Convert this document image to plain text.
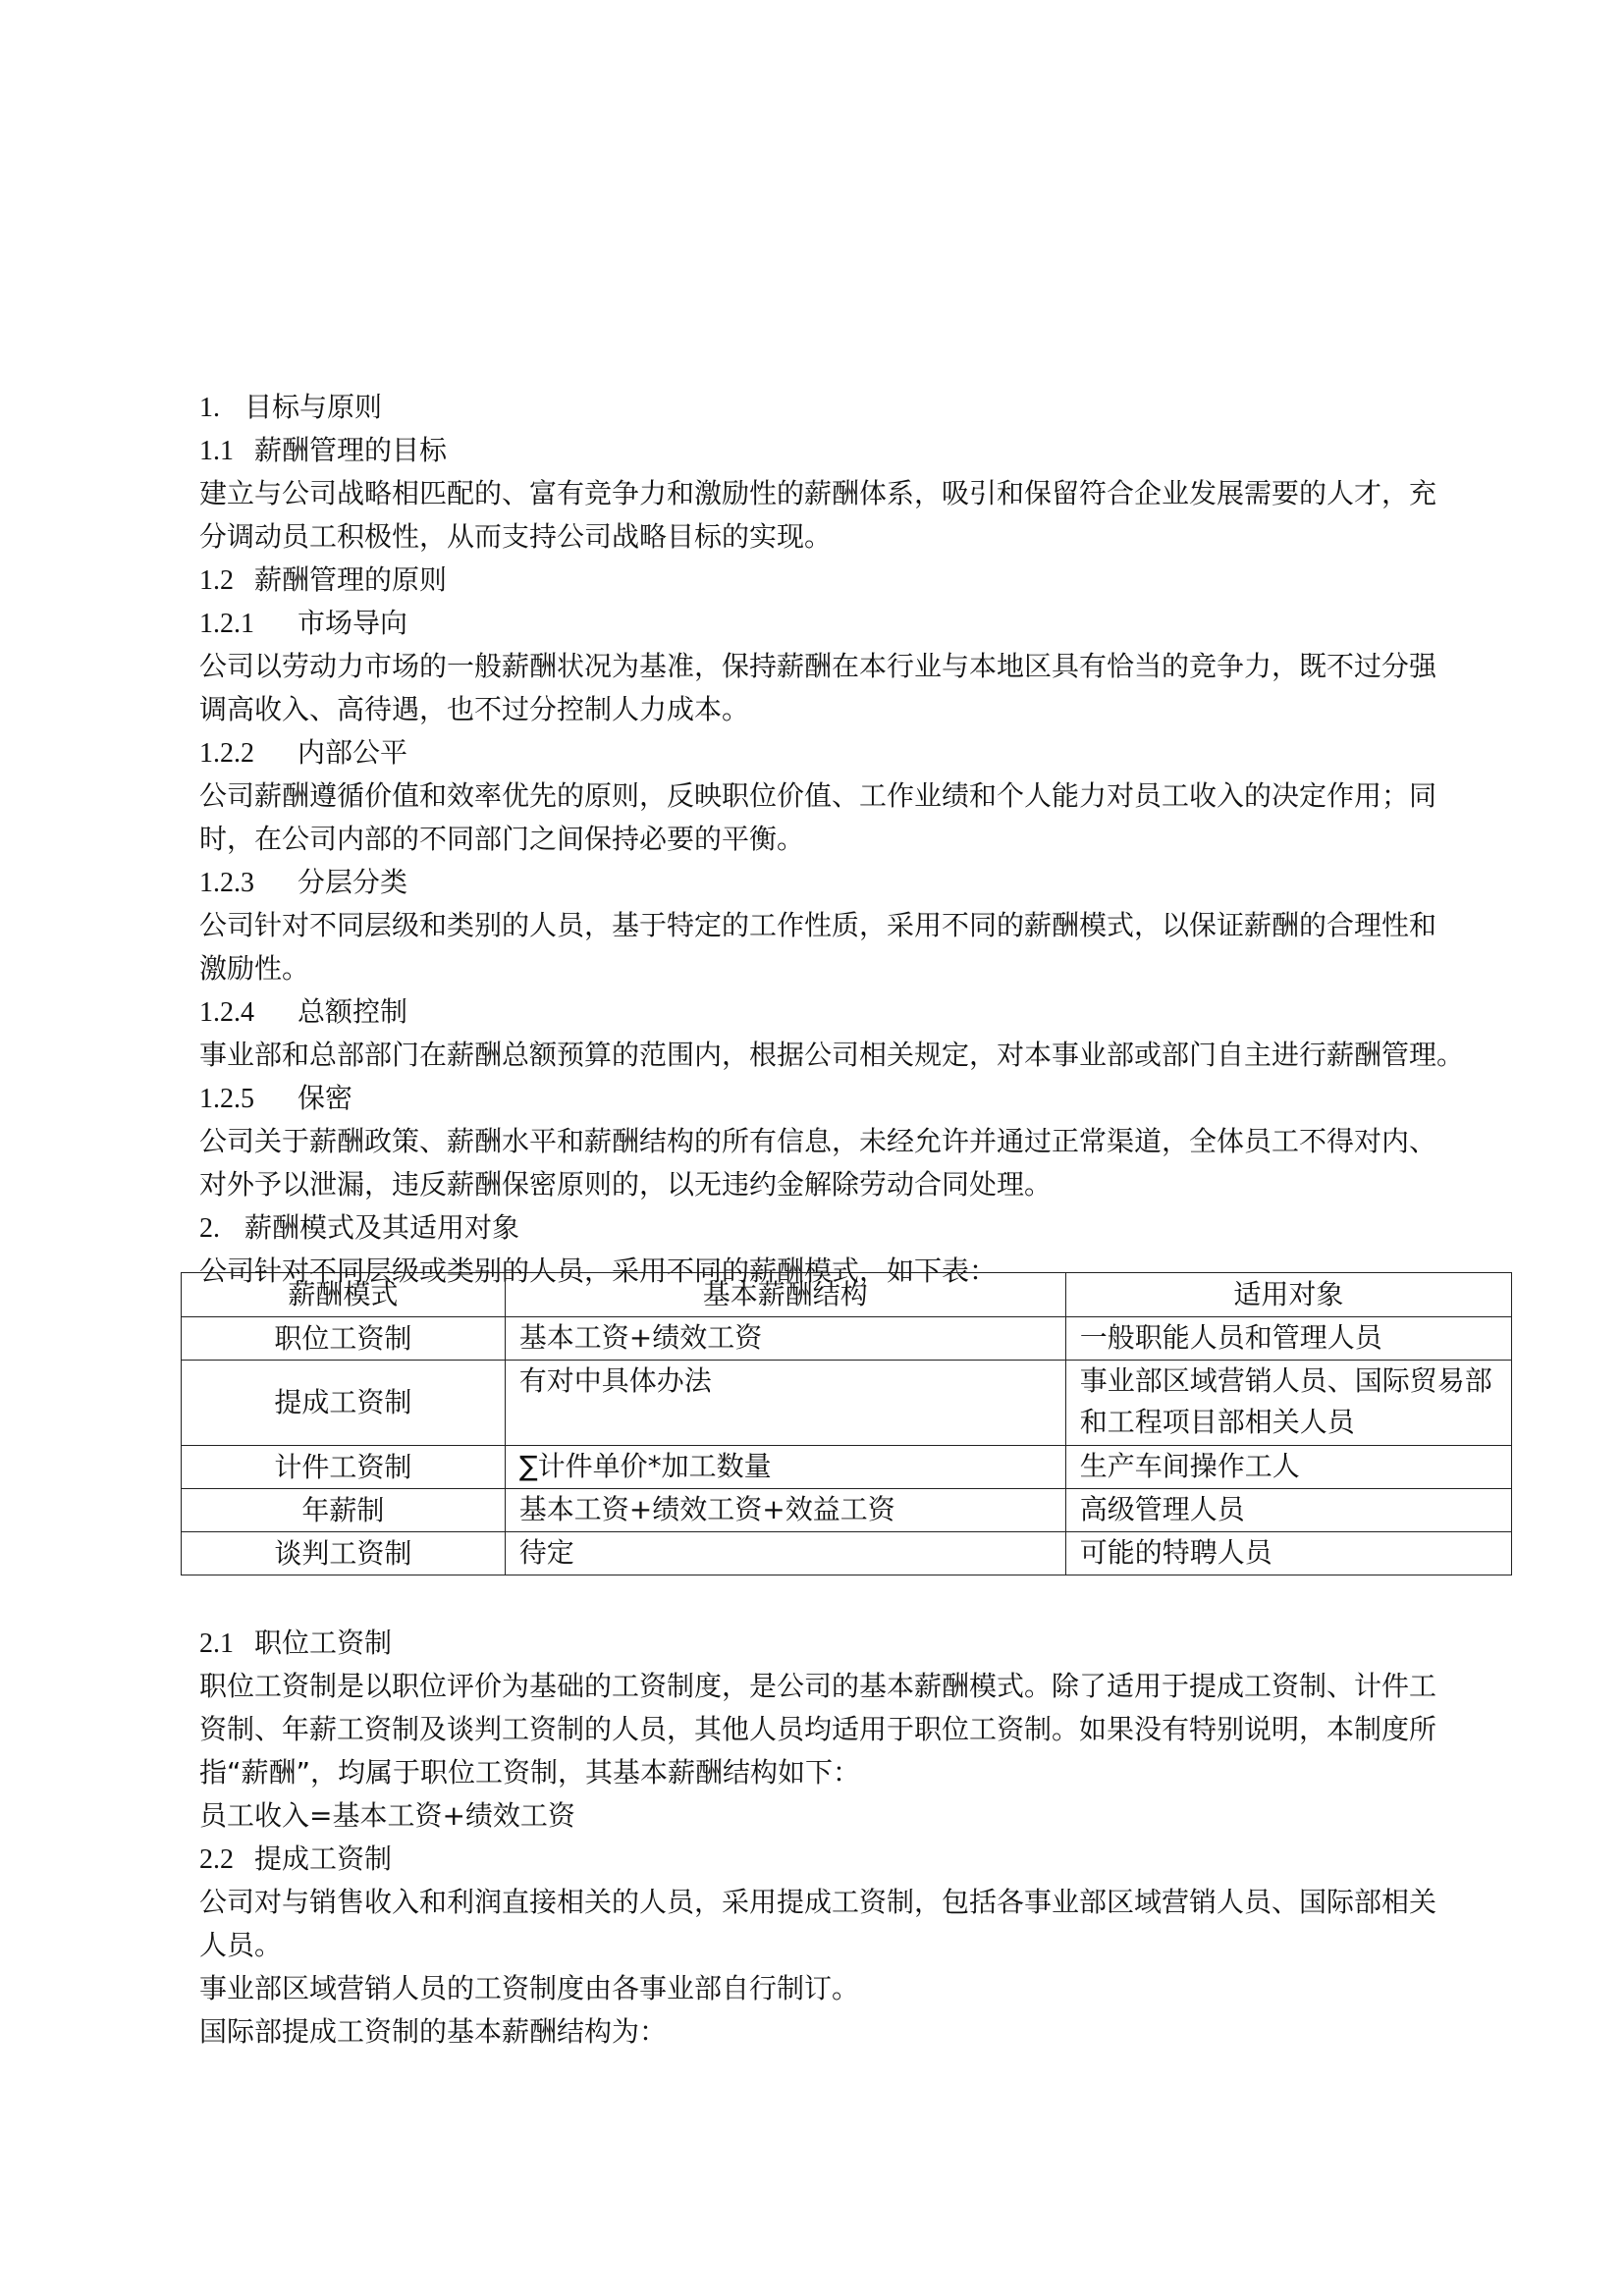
1. 目标与原则
1.1 薪酬管理的目标
建立与公司战略相匹配的、富有竞争力和激励性的薪酬体系，吸引和保留符合企业发展需要的人才，充
分调动员工积极性，从而支持公司战略目标的实现。
1.2 薪酬管理的原则
1.2.1 市场导向
公司以劳动力市场的一般薪酬状况为基准，保持薪酬在本行业与本地区具有恰当的竞争力，既不过分强
调高收入、高待遇，也不过分控制人力成本。
1.2.2 内部公平
公司薪酬遵循价值和效率优先的原则，反映职位价值、工作业绩和个人能力对员工收入的决定作用；同
时，在公司内部的不同部门之间保持必要的平衡。
1.2.3 分层分类
公司针对不同层级和类别的人员，基于特定的工作性质，采用不同的薪酬模式，以保证薪酬的合理性和
激励性。
1.2.4 总额控制
事业部和总部部门在薪酬总额预算的范围内，根据公司相关规定，对本事业部或部门自主进行薪酬管理。
1.2.5 保密
公司关于薪酬政策、薪酬水平和薪酬结构的所有信息，未经允许并通过正常渠道，全体员工不得对内、
对外予以泄漏，违反薪酬保密原则的，以无违约金解除劳动合同处理。
2. 薪酬模式及其适用对象
公司针对不同层级或类别的人员，采用不同的薪酬模式，如下表：
薪酬模式	基本薪酬结构	适用对象
职位工资制	基本工资+绩效工资	一般职能人员和管理人员
提成工资制	有对中具体办法	事业部区域营销人员、国际贸易部和工程项目部相关人员
计件工资制	∑计件单价*加工数量	生产车间操作工人
年薪制	基本工资+绩效工资+效益工资	高级管理人员
谈判工资制	待定	可能的特聘人员
2.1 职位工资制
职位工资制是以职位评价为基础的工资制度，是公司的基本薪酬模式。除了适用于提成工资制、计件工
资制、年薪工资制及谈判工资制的人员，其他人员均适用于职位工资制。如果没有特别说明，本制度所
指“薪酬”，均属于职位工资制，其基本薪酬结构如下：
员工收入=基本工资+绩效工资
2.2 提成工资制
公司对与销售收入和利润直接相关的人员，采用提成工资制，包括各事业部区域营销人员、国际部相关
人员。
事业部区域营销人员的工资制度由各事业部自行制订。
国际部提成工资制的基本薪酬结构为：
